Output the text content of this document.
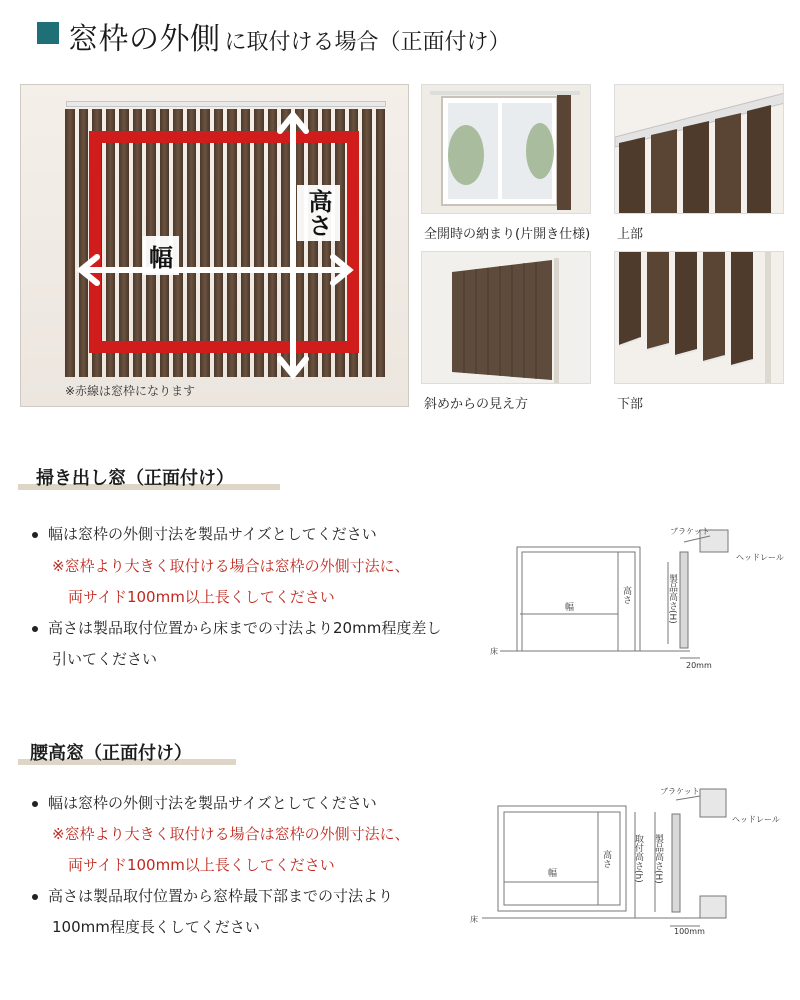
窓枠の外側 に取付ける場合（正面付け）
幅
高さ
※赤線は窓枠になります
全開時の納まり(片開き仕様) 上部
斜めからの見え方	下部
掃き出し窓（正面付け）
幅は窓枠の外側寸法を製品サイズとしてください
※窓枠より大きく取付ける場合は窓枠の外側寸法に、
両サイド100mm以上長くしてください
高さは製品取付位置から床までの寸法より20mm程度差し
引いてください
幅
高さ	製品高さ(H)
ブラケット
ヘッドレール
床
20mm
腰高窓（正面付け）
幅は窓枠の外側寸法を製品サイズとしてください
※窓枠より大きく取付ける場合は窓枠の外側寸法に、
両サイド100mm以上長くしてください
高さは製品取付位置から窓枠最下部までの寸法より
100mm程度長くしてください
幅
高さ 取付高さ(h) 製品高さ(H)
ブラケット
ヘッドレール
床
100mm
